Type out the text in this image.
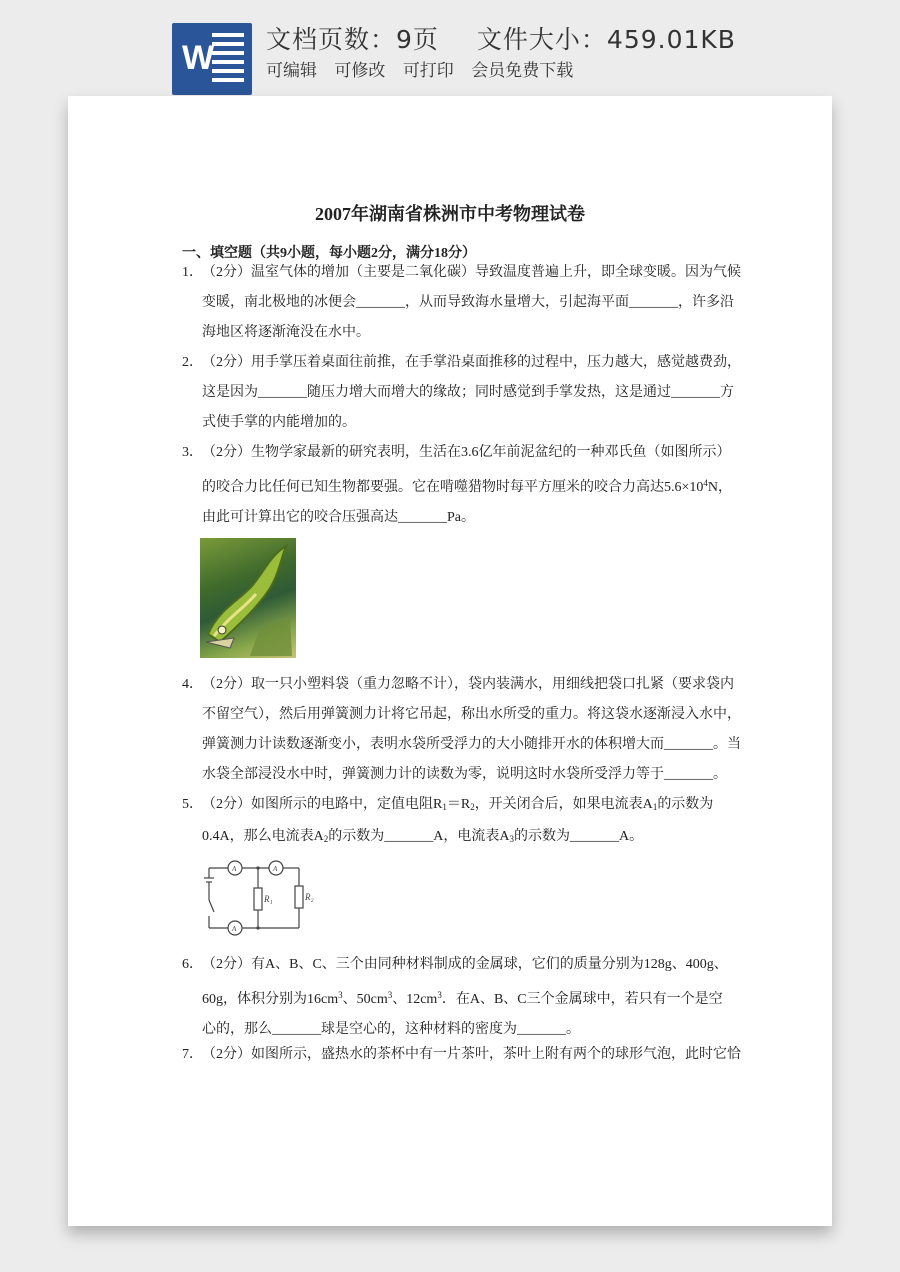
W 文档页数：9页 文件大小：459.01KB
可编辑 可修改 可打印 会员免费下载
2007年湖南省株洲市中考物理试卷
一、填空题（共9小题，每小题2分，满分18分）
1．（2分）温室气体的增加（主要是二氧化碳）导致温度普遍上升，即全球变暖。因为气候
变暖，南北极地的冰便会_______，从而导致海水量增大，引起海平面_______，许多沿
海地区将逐渐淹没在水中。
2．（2分）用手掌压着桌面往前推，在手掌沿桌面推移的过程中，压力越大，感觉越费劲，
这是因为_______随压力增大而增大的缘故；同时感觉到手掌发热，这是通过_______方
式使手掌的内能增加的。
3．（2分）生物学家最新的研究表明，生活在3.6亿年前泥盆纪的一种邓氏鱼（如图所示）
的咬合力比任何已知生物都要强。它在啃噬猎物时每平方厘米的咬合力高达$5.6\times 10^4N$，
由此可计算出它的咬合压强高达_______Pa。
4．（2分）取一只小塑料袋（重力忽略不计），袋内装满水，用细线把袋口扎紧（要求袋内
不留空气），然后用弹簧测力计将它吊起，称出水所受的重力。将这袋水逐渐浸入水中，
弹簧测力计读数逐渐变小，表明水袋所受浮力的大小随排开水的体积增大而_______。当
水袋全部浸没水中时，弹簧测力计的读数为零，说明这时水袋所受浮力等于_______。
5．（2分）如图所示的电路中，定值电阻$R_1=R_2$，开关闭合后，如果电流表$A_1$的示数为
0.4A，那么电流表$A_2$的示数为_______A，电流表$A_3$的示数为_______A。
A	A
A
R₁	R₂
6．（2分）有A、B、C、三个由同种材料制成的金属球，它们的质量分别为128g、400g、
60g，体积分别为$16cm^3$、$50cm^3$、$12cm^3$．在A、B、C三个金属球中，若只有一个是空
心的，那么_______球是空心的，这种材料的密度为_______。
7．（2分）如图所示，盛热水的茶杯中有一片茶叶，茶叶上附有两个的球形气泡，此时它恰
